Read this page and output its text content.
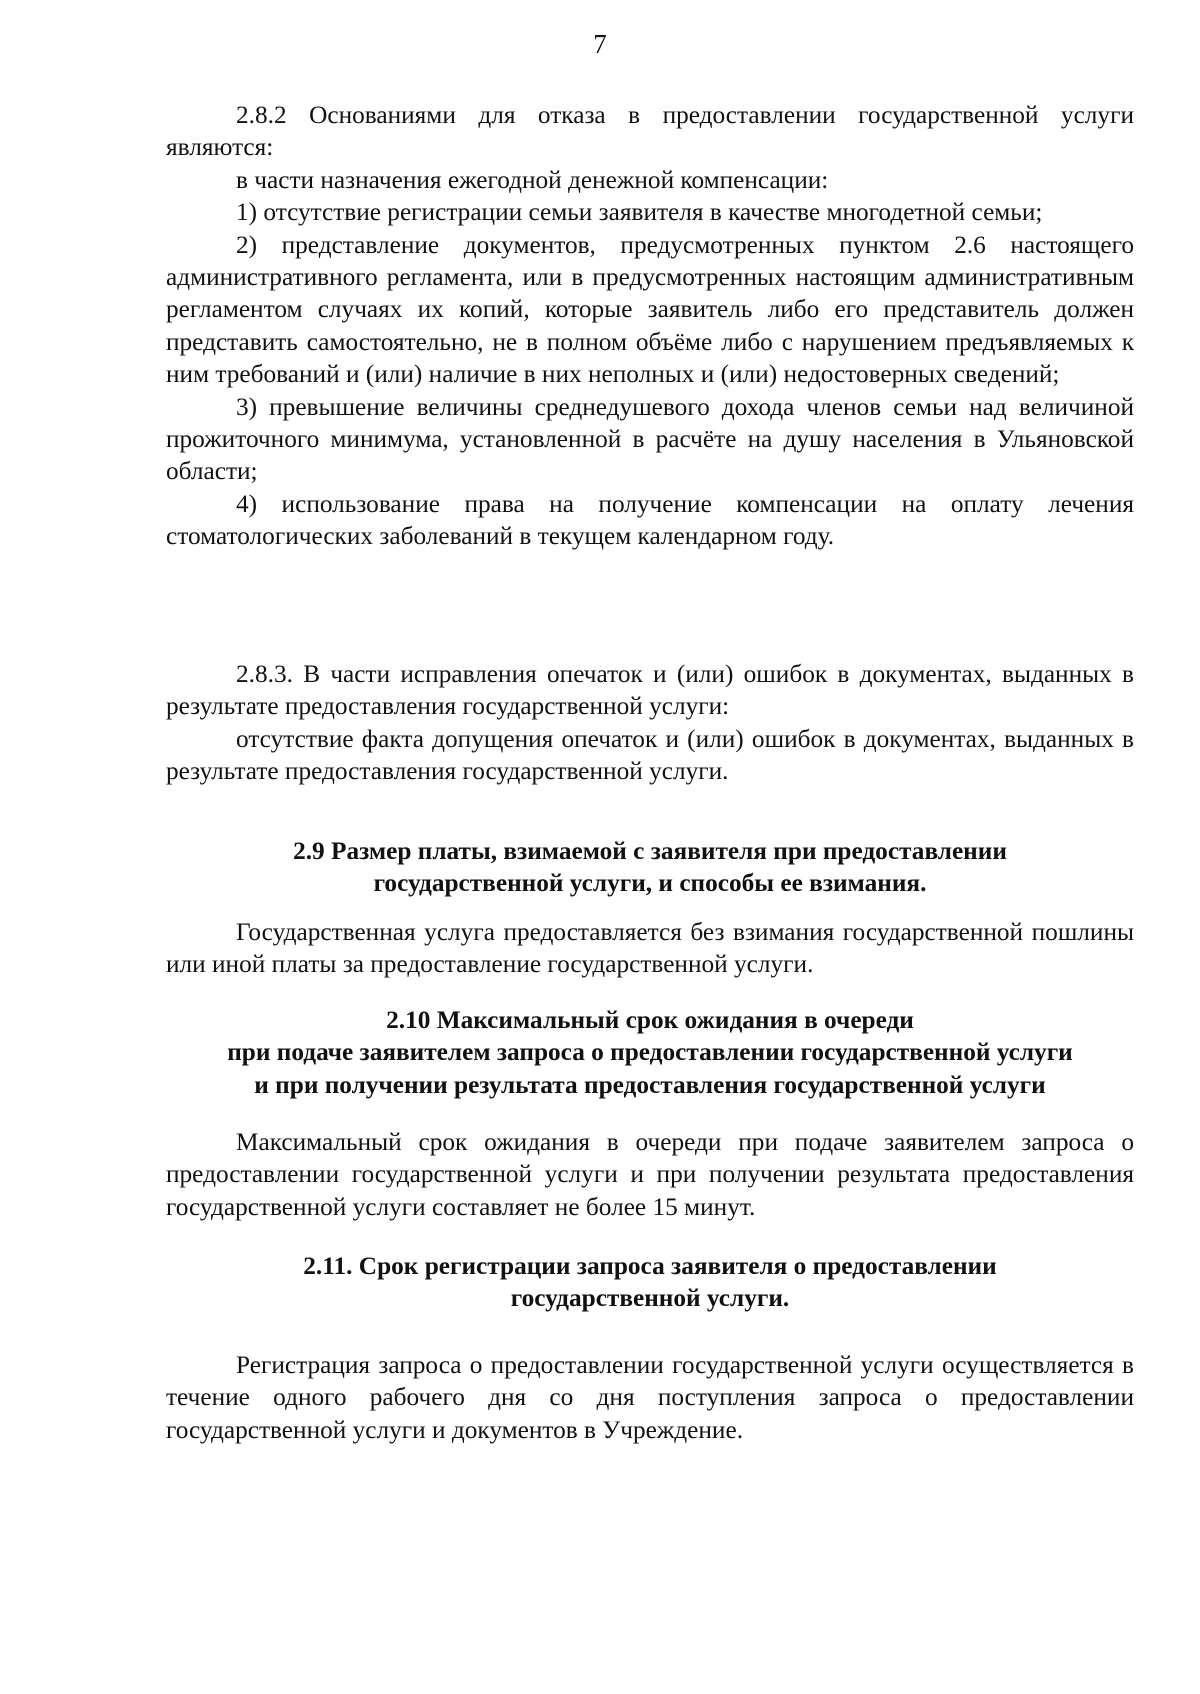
7

2.8.2 Основаниями для отказа в предоставлении государственной услуги являются:

в части назначения ежегодной денежной компенсации:

1) отсутствие регистрации семьи заявителя в качестве многодетной семьи;

2) представление документов, предусмотренных пунктом 2.6 настоящего административного регламента, или в предусмотренных настоящим административным регламентом случаях их копий, которые заявитель либо его представитель должен представить самостоятельно, не в полном объёме либо с нарушением предъявляемых к ним требований и (или) наличие в них неполных и (или) недостоверных сведений;

3) превышение величины среднедушевого дохода членов семьи над величиной прожиточного минимума, установленной в расчёте на душу населения в Ульяновской области;

4) использование права на получение компенсации на оплату лечения стоматологических заболеваний в текущем календарном году.

2.8.3. В части исправления опечаток и (или) ошибок в документах, выданных в результате предоставления государственной услуги:

отсутствие факта допущения опечаток и (или) ошибок в документах, выданных в результате предоставления государственной услуги.

2.9 Размер платы, взимаемой с заявителя при предоставлении
государственной услуги, и способы ее взимания.

Государственная услуга предоставляется без взимания государственной пошлины или иной платы за предоставление государственной услуги.

2.10 Максимальный срок ожидания в очереди
при подаче заявителем запроса о предоставлении государственной услуги
и при получении результата предоставления государственной услуги

Максимальный срок ожидания в очереди при подаче заявителем запроса о предоставлении государственной услуги и при получении результата предоставления государственной услуги составляет не более 15 минут.

2.11. Срок регистрации запроса заявителя о предоставлении
государственной услуги.

Регистрация запроса о предоставлении государственной услуги осуществляется в течение одного рабочего дня со дня поступления запроса о предоставлении государственной услуги и документов в Учреждение.
